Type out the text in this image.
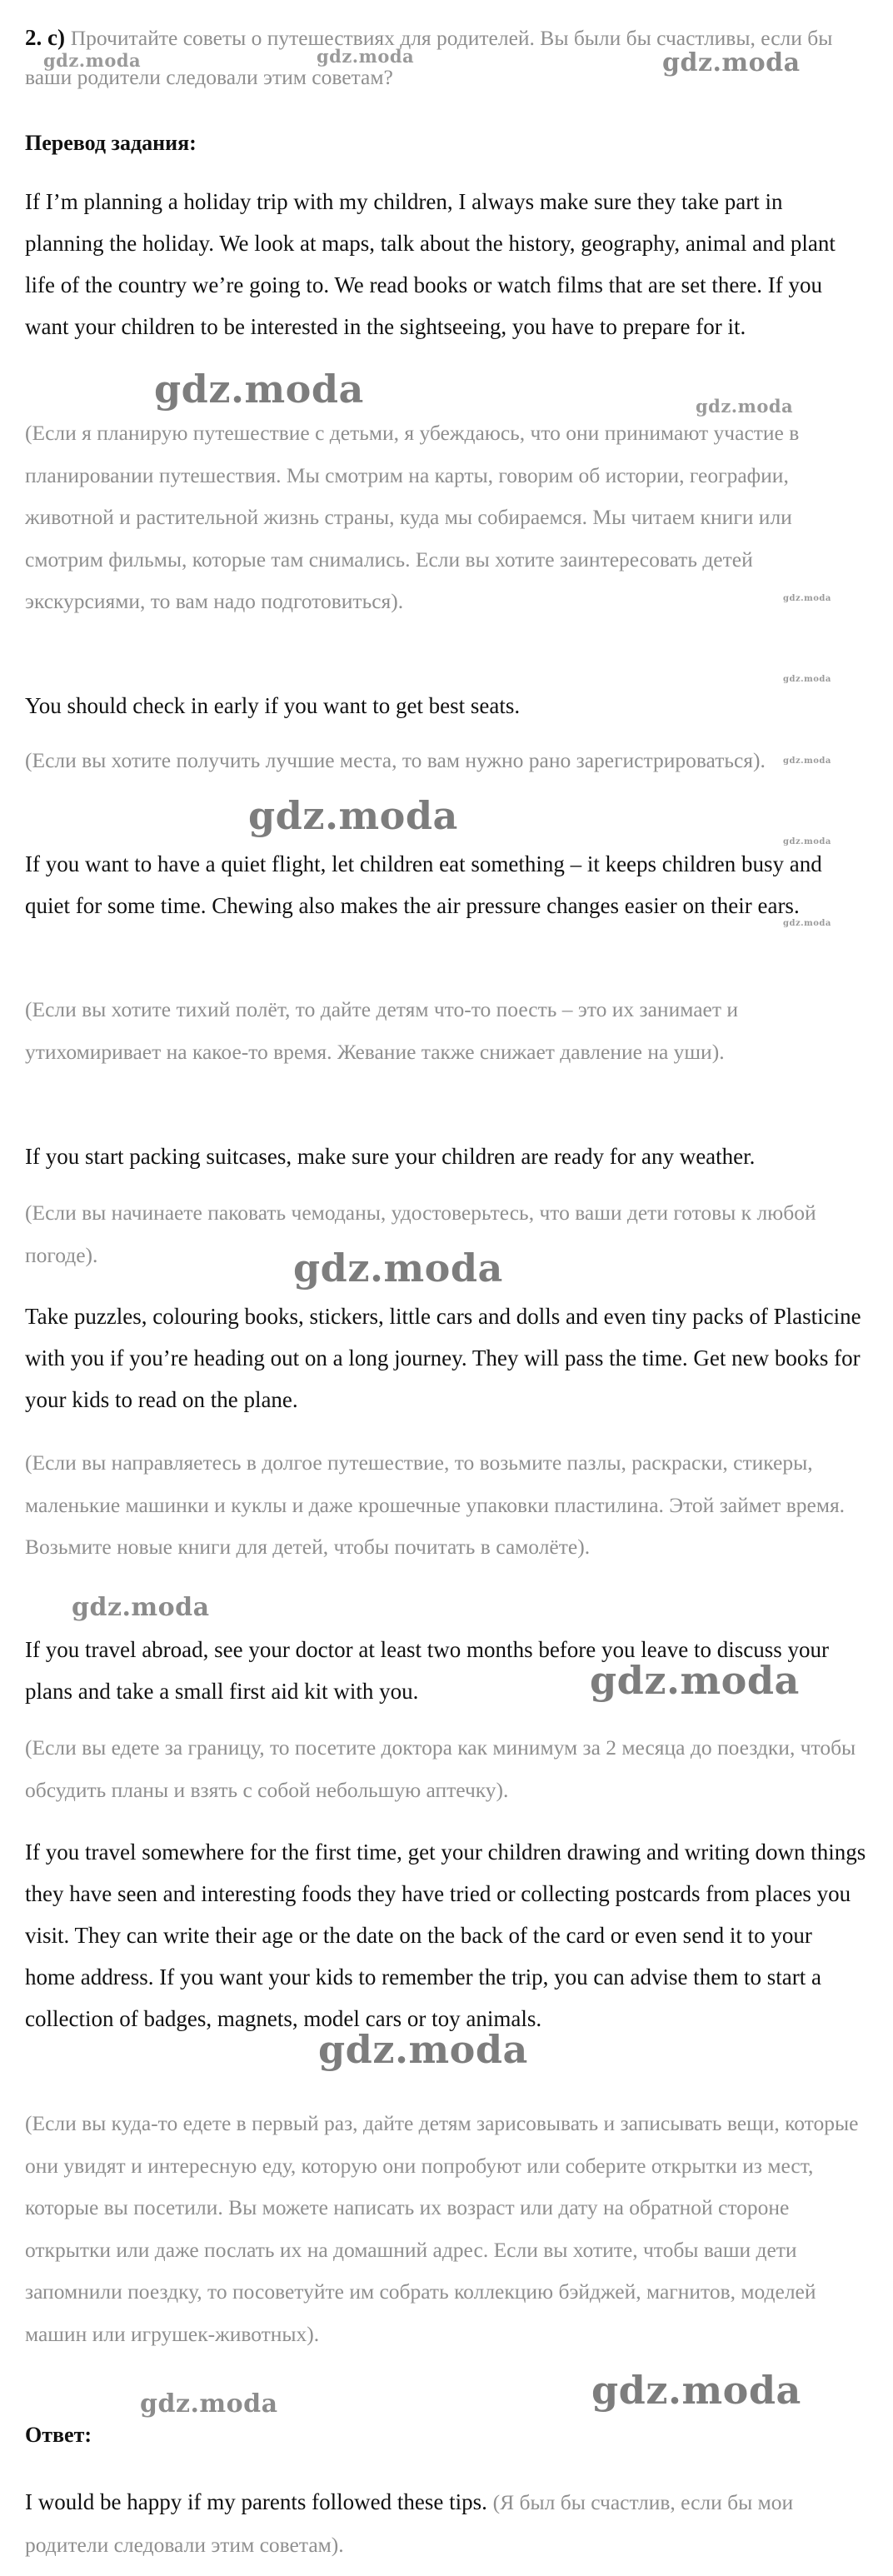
2. c) Прочитайте советы о путешествиях для родителей. Вы были бы счастливы, если бы ваши родители следовали этим советам?

Перевод задания:

If I’m planning a holiday trip with my children, I always make sure they take part in planning the holiday. We look at maps, talk about the history, geography, animal and plant life of the country we’re going to. We read books or watch films that are set there. If you want your children to be interested in the sightseeing, you have to prepare for it.

(Если я планирую путешествие с детьми, я убеждаюсь, что они принимают участие в планировании путешествия. Мы смотрим на карты, говорим об истории, географии, животной и растительной жизнь страны, куда мы собираемся. Мы читаем книги или смотрим фильмы, которые там снимались. Если вы хотите заинтересовать детей экскурсиями, то вам надо подготовиться).

You should check in early if you want to get best seats.

(Если вы хотите получить лучшие места, то вам нужно рано зарегистрироваться).

If you want to have a quiet flight, let children eat something – it keeps children busy and quiet for some time. Chewing also makes the air pressure changes easier on their ears.

(Если вы хотите тихий полёт, то дайте детям что-то поесть – это их занимает и утихомиривает на какое-то время. Жевание также снижает давление на уши).

If you start packing suitcases, make sure your children are ready for any weather.

(Если вы начинаете паковать чемоданы, удостоверьтесь, что ваши дети готовы к любой погоде).

Take puzzles, colouring books, stickers, little cars and dolls and even tiny packs of Plasticine with you if you’re heading out on a long journey. They will pass the time. Get new books for your kids to read on the plane.

(Если вы направляетесь в долгое путешествие, то возьмите пазлы, раскраски, стикеры, маленькие машинки и куклы и даже крошечные упаковки пластилина. Этой займет время. Возьмите новые книги для детей, чтобы почитать в самолёте).

If you travel abroad, see your doctor at least two months before you leave to discuss your plans and take a small first aid kit with you.

(Если вы едете за границу, то посетите доктора как минимум за 2 месяца до поездки, чтобы обсудить планы и взять с собой небольшую аптечку).

If you travel somewhere for the first time, get your children drawing and writing down things they have seen and interesting foods they have tried or collecting postcards from places you visit. They can write their age or the date on the back of the card or even send it to your home address. If you want your kids to remember the trip, you can advise them to start a collection of badges, magnets, model cars or toy animals.

(Если вы куда-то едете в первый раз, дайте детям зарисовывать и записывать вещи, которые они увидят и интересную еду, которую они попробуют или соберите открытки из мест, которые вы посетили. Вы можете написать их возраст или дату на обратной стороне открытки или даже послать их на домашний адрес. Если вы хотите, чтобы ваши дети запомнили поездку, то посоветуйте им собрать коллекцию бэйджей, магнитов, моделей машин или игрушек-животных).

Ответ:

I would be happy if my parents followed these tips. (Я был бы счастлив, если бы мои родители следовали этим советам).

gdz.moda	gdz.moda	gdz.moda
gdz.moda	gdz.moda
gdz.moda
gdz.moda
gdz.moda
gdz.moda
gdz.moda
gdz.moda
gdz.moda
gdz.moda
gdz.moda
gdz.moda
gdz.moda	gdz.moda
